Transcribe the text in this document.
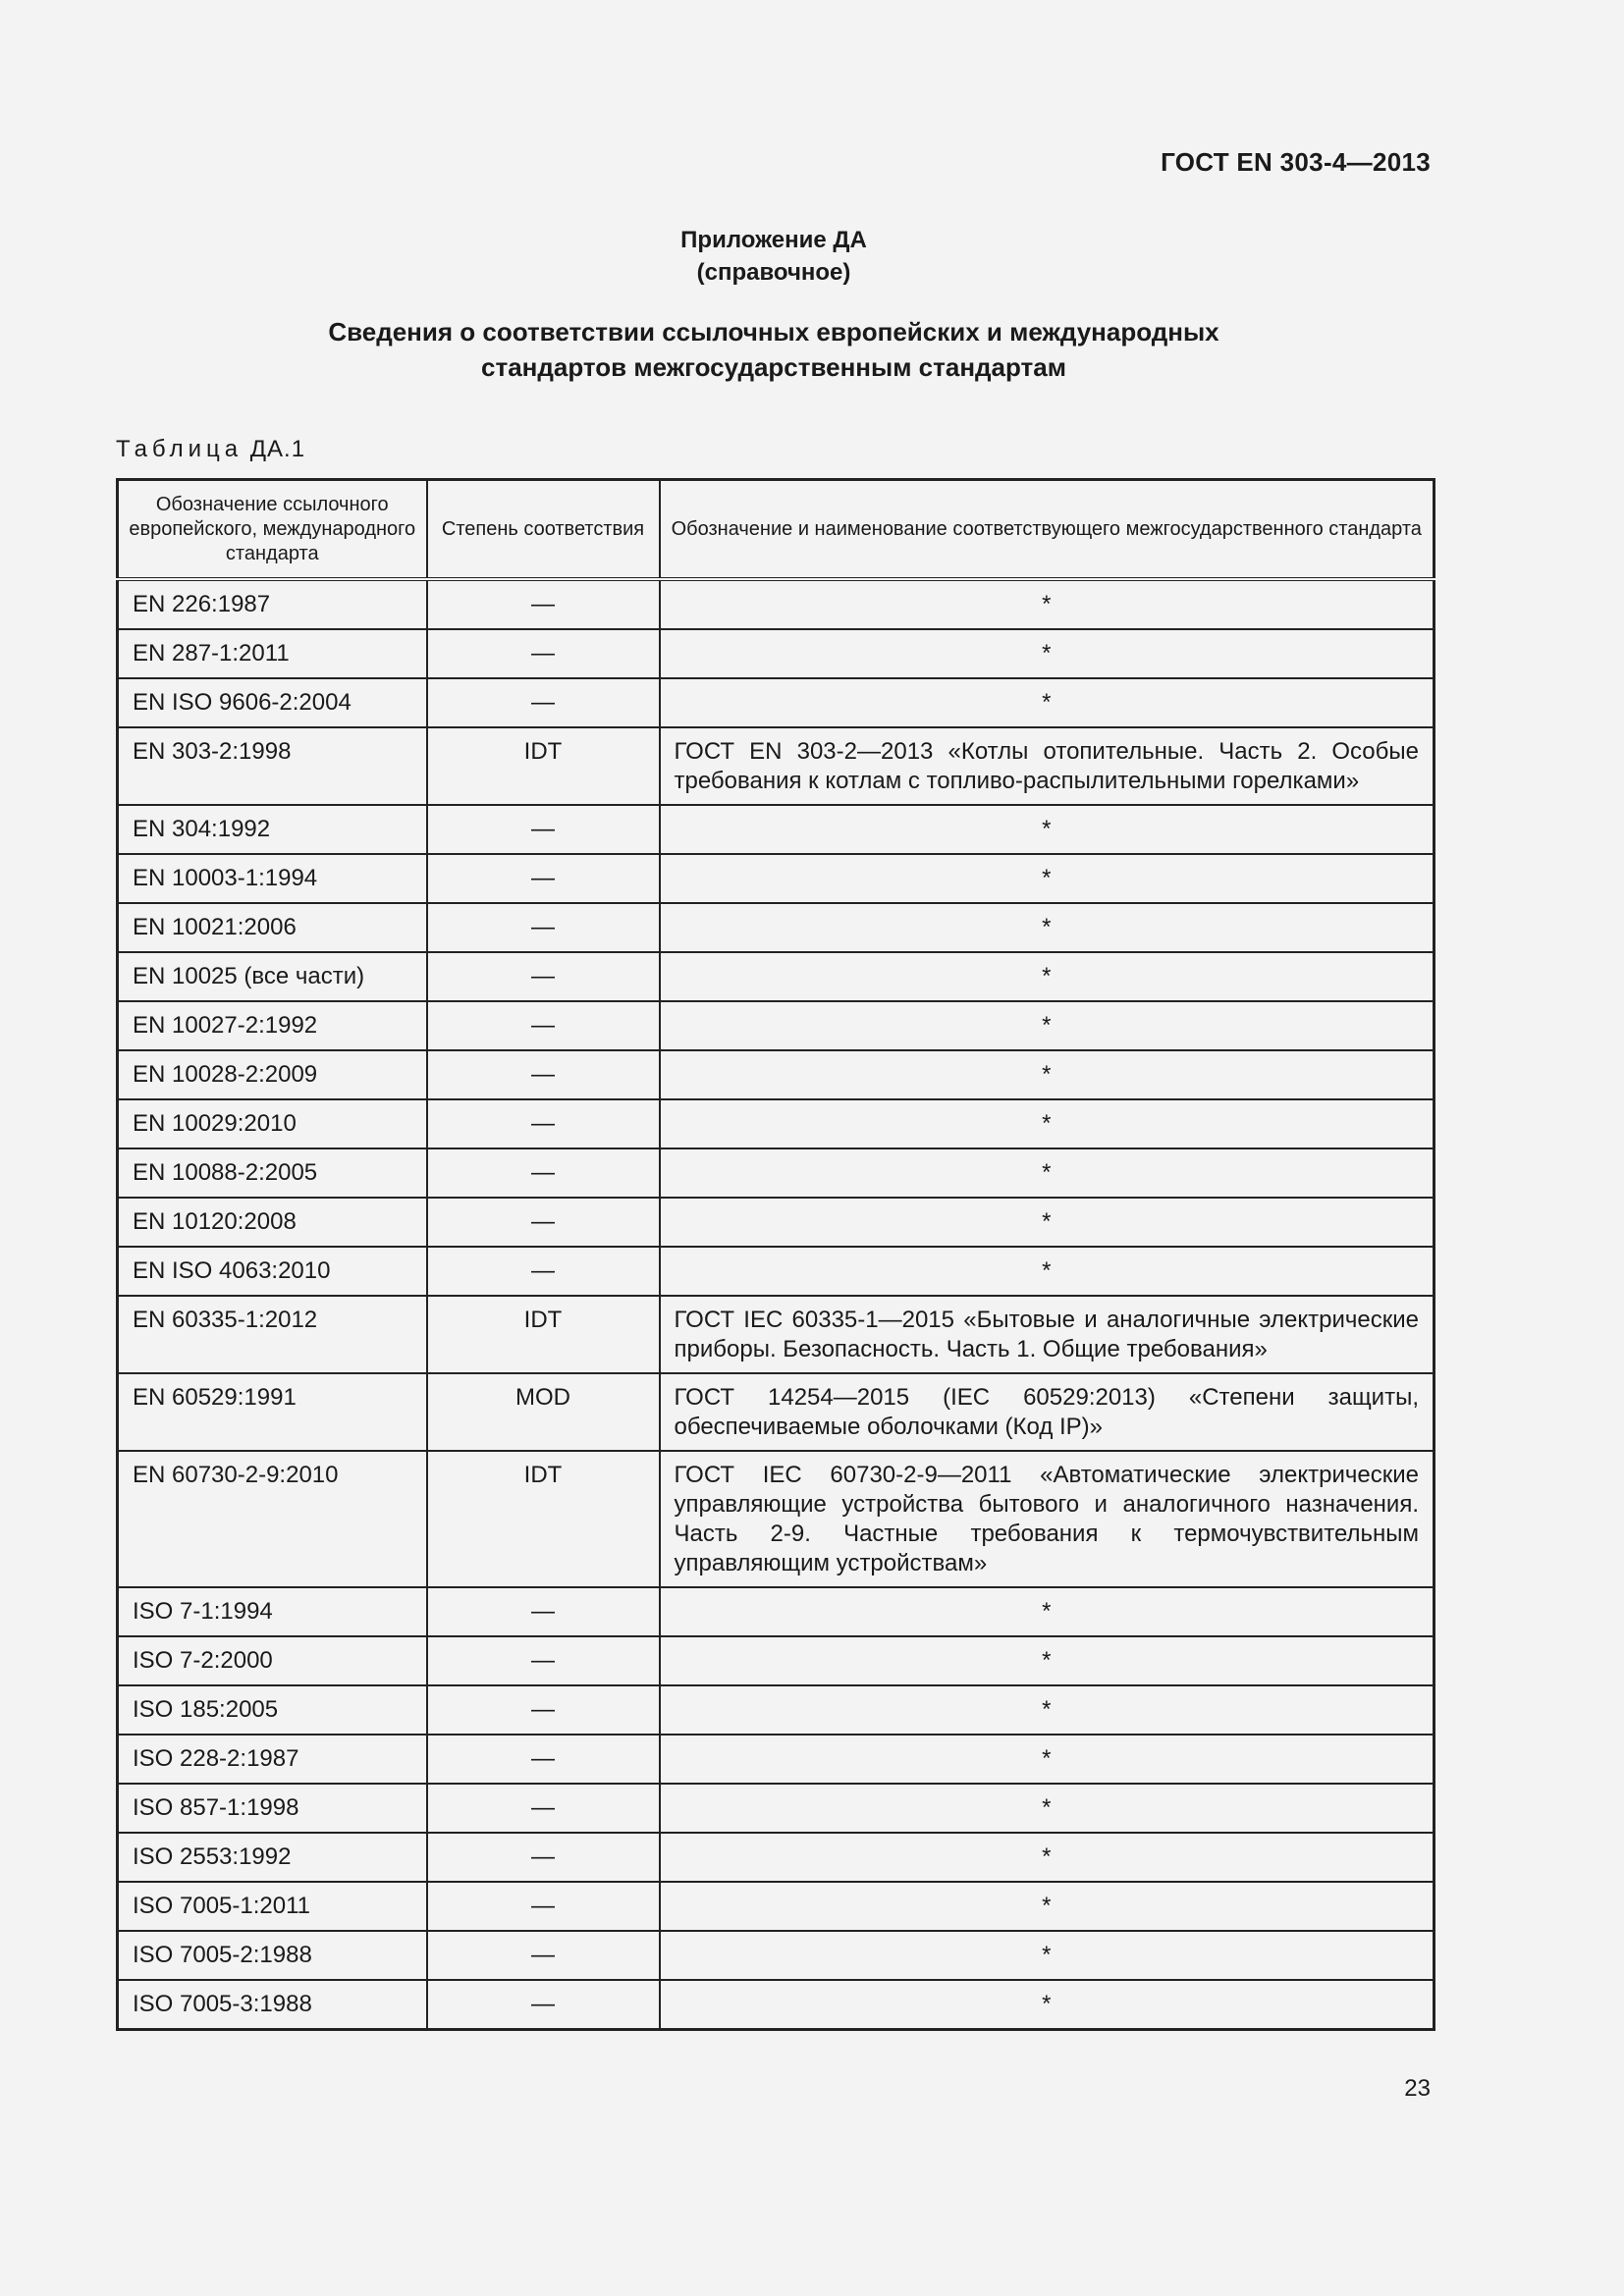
ГОСТ EN 303-4—2013
Приложение ДА
(справочное)
Сведения о соответствии ссылочных европейских и международных
стандартов межгосударственным стандартам
Таблица ДА.1
Обозначение ссылочного европейского, международного стандарта	Степень соответствия	Обозначение и наименование соответствующего межгосударственного стандарта
EN 226:1987	—	*
EN 287-1:2011	—	*
EN ISO 9606-2:2004	—	*
EN 303-2:1998	IDT	ГОСТ EN 303-2—2013 «Котлы отопительные. Часть 2. Особые требования к котлам с топливо-распылительными горелками»
EN 304:1992	—	*
EN 10003-1:1994	—	*
EN 10021:2006	—	*
EN 10025 (все части)	—	*
EN 10027-2:1992	—	*
EN 10028-2:2009	—	*
EN 10029:2010	—	*
EN 10088-2:2005	—	*
EN 10120:2008	—	*
EN ISO 4063:2010	—	*
EN 60335-1:2012	IDT	ГОСТ IEC 60335-1—2015 «Бытовые и аналогичные электрические приборы. Безопасность. Часть 1. Общие требования»
EN 60529:1991	MOD	ГОСТ 14254—2015 (IEC 60529:2013) «Степени защиты, обеспечиваемые оболочками (Код IP)»
EN 60730-2-9:2010	IDT	ГОСТ IEC 60730-2-9—2011 «Автоматические электрические управляющие устройства бытового и аналогичного назначения. Часть 2-9. Частные требования к термочувствительным управляющим устройствам»
ISO 7-1:1994	—	*
ISO 7-2:2000	—	*
ISO 185:2005	—	*
ISO 228-2:1987	—	*
ISO 857-1:1998	—	*
ISO 2553:1992	—	*
ISO 7005-1:2011	—	*
ISO 7005-2:1988	—	*
ISO 7005-3:1988	—	*
23
